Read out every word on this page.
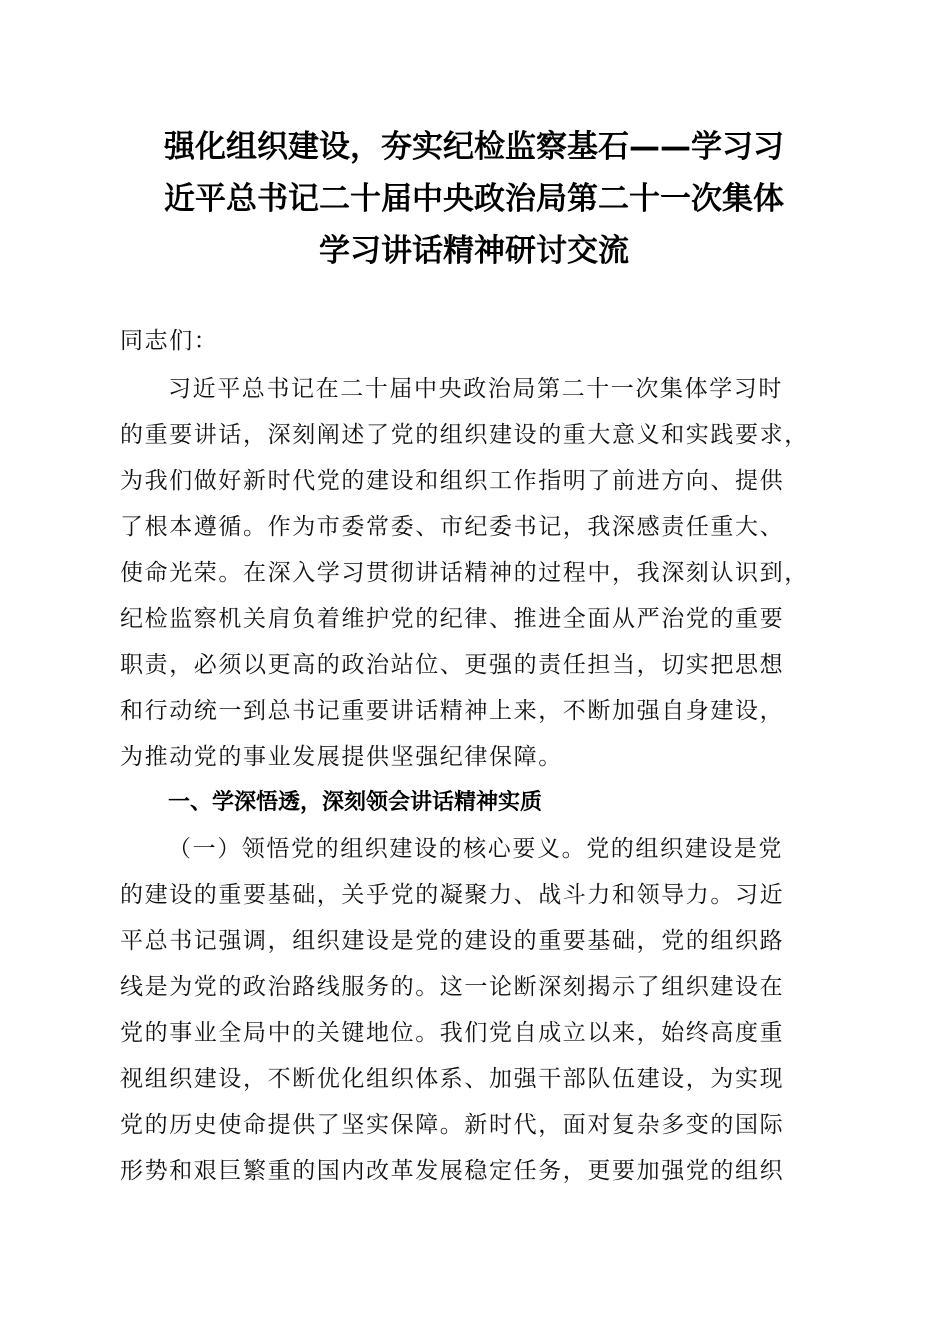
强化组织建设，夯实纪检监察基石——学习习
近平总书记二十届中央政治局第二十一次集体
学习讲话精神研讨交流
同志们：
习近平总书记在二十届中央政治局第二十一次集体学习时
的重要讲话，深刻阐述了党的组织建设的重大意义和实践要求，
为我们做好新时代党的建设和组织工作指明了前进方向、提供
了根本遵循。作为市委常委、市纪委书记，我深感责任重大、
使命光荣。在深入学习贯彻讲话精神的过程中，我深刻认识到，
纪检监察机关肩负着维护党的纪律、推进全面从严治党的重要
职责，必须以更高的政治站位、更强的责任担当，切实把思想
和行动统一到总书记重要讲话精神上来，不断加强自身建设，
为推动党的事业发展提供坚强纪律保障。
一、学深悟透，深刻领会讲话精神实质
（一）领悟党的组织建设的核心要义。党的组织建设是党
的建设的重要基础，关乎党的凝聚力、战斗力和领导力。习近
平总书记强调，组织建设是党的建设的重要基础，党的组织路
线是为党的政治路线服务的。这一论断深刻揭示了组织建设在
党的事业全局中的关键地位。我们党自成立以来，始终高度重
视组织建设，不断优化组织体系、加强干部队伍建设，为实现
党的历史使命提供了坚实保障。新时代，面对复杂多变的国际
形势和艰巨繁重的国内改革发展稳定任务，更要加强党的组织
